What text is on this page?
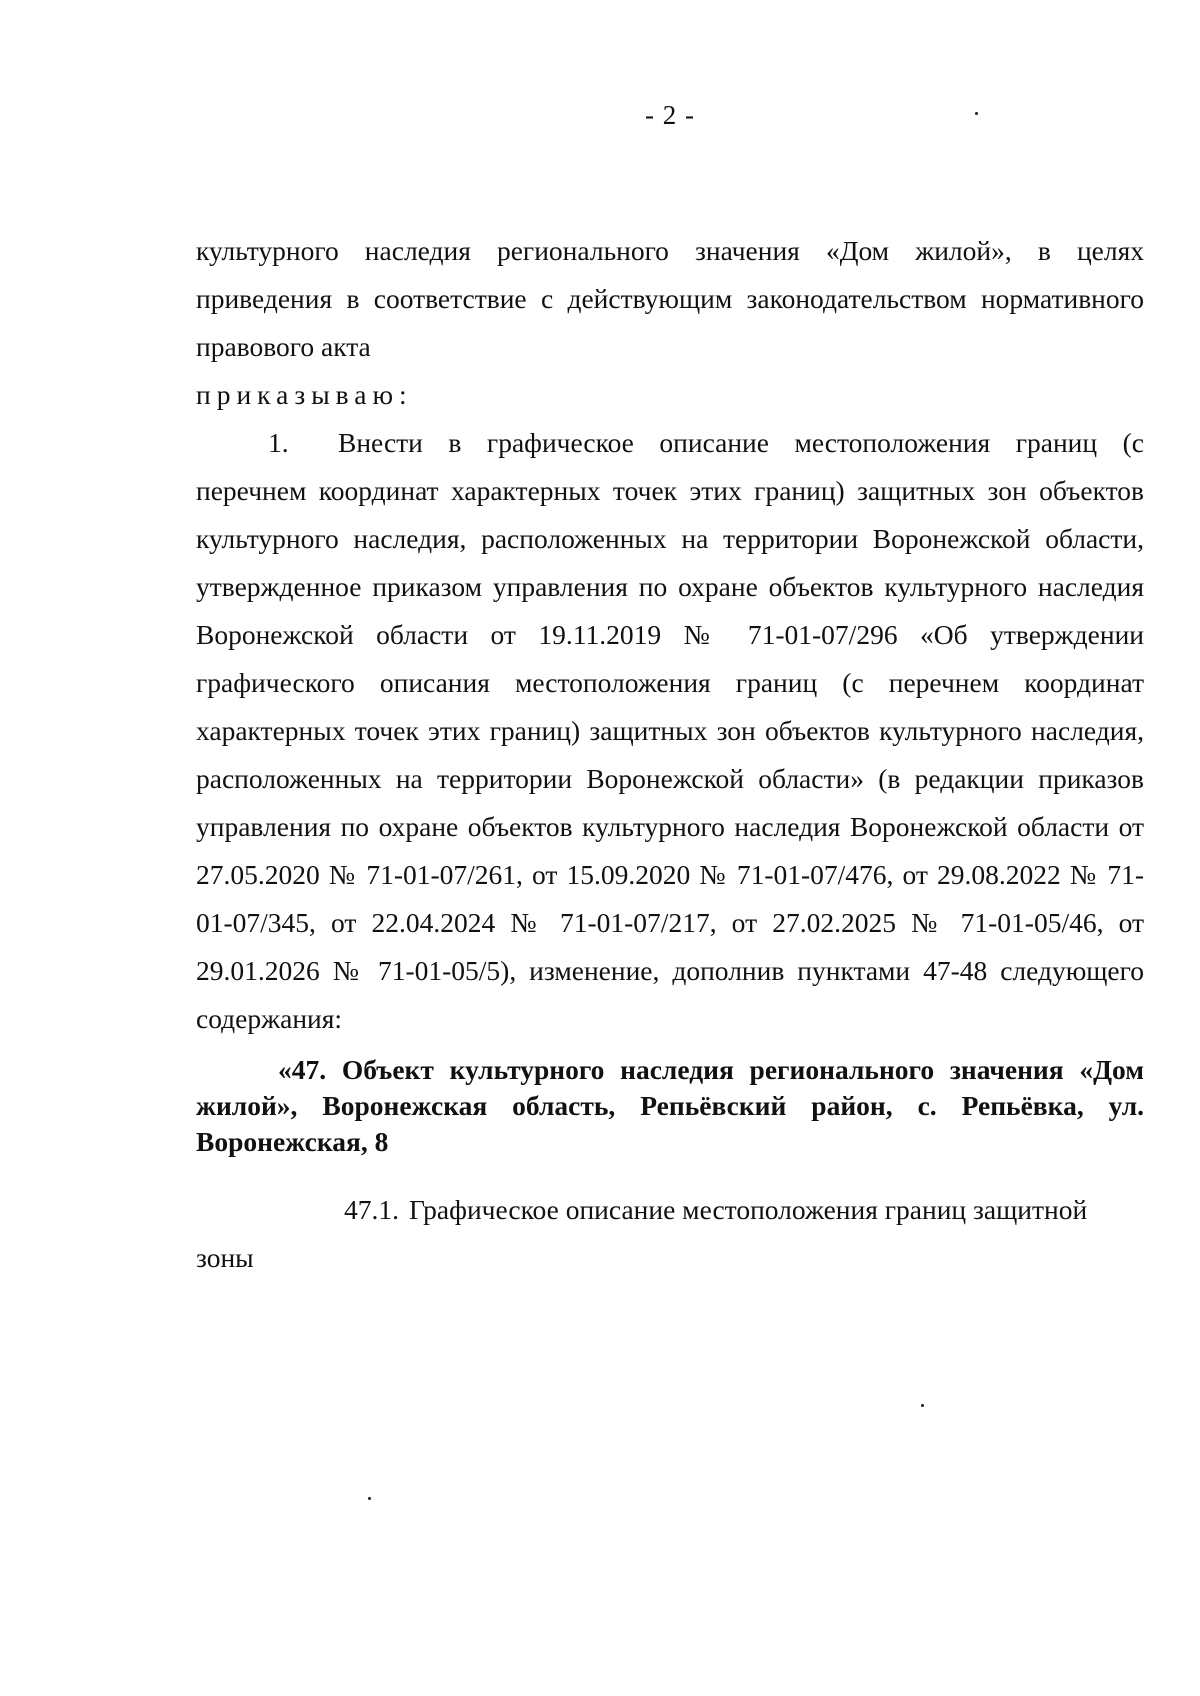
- 2 -

культурного наследия регионального значения «Дом жилой», в целях приведения в соответствие с действующим законодательством нормативного правового акта

приказываю:

1. Внести в графическое описание местоположения границ (с перечнем координат характерных точек этих границ) защитных зон объектов культурного наследия, расположенных на территории Воронежской области, утвержденное приказом управления по охране объектов культурного наследия Воронежской области от 19.11.2019 № 71-01-07/296 «Об утверждении графического описания местоположения границ (с перечнем координат характерных точек этих границ) защитных зон объектов культурного наследия, расположенных на территории Воронежской области» (в редакции приказов управления по охране объектов культурного наследия Воронежской области от 27.05.2020 № 71-01-07/261, от 15.09.2020 № 71-01-07/476, от 29.08.2022 № 71-01-07/345, от 22.04.2024 № 71-01-07/217, от 27.02.2025 № 71-01-05/46, от 29.01.2026 № 71-01-05/5), изменение, дополнив пунктами 47-48 следующего содержания:

«47. Объект культурного наследия регионального значения «Дом жилой», Воронежская область, Репьёвский район, с. Репьёвка, ул. Воронежская, 8

47.1. Графическое описание местоположения границ защитной зоны
